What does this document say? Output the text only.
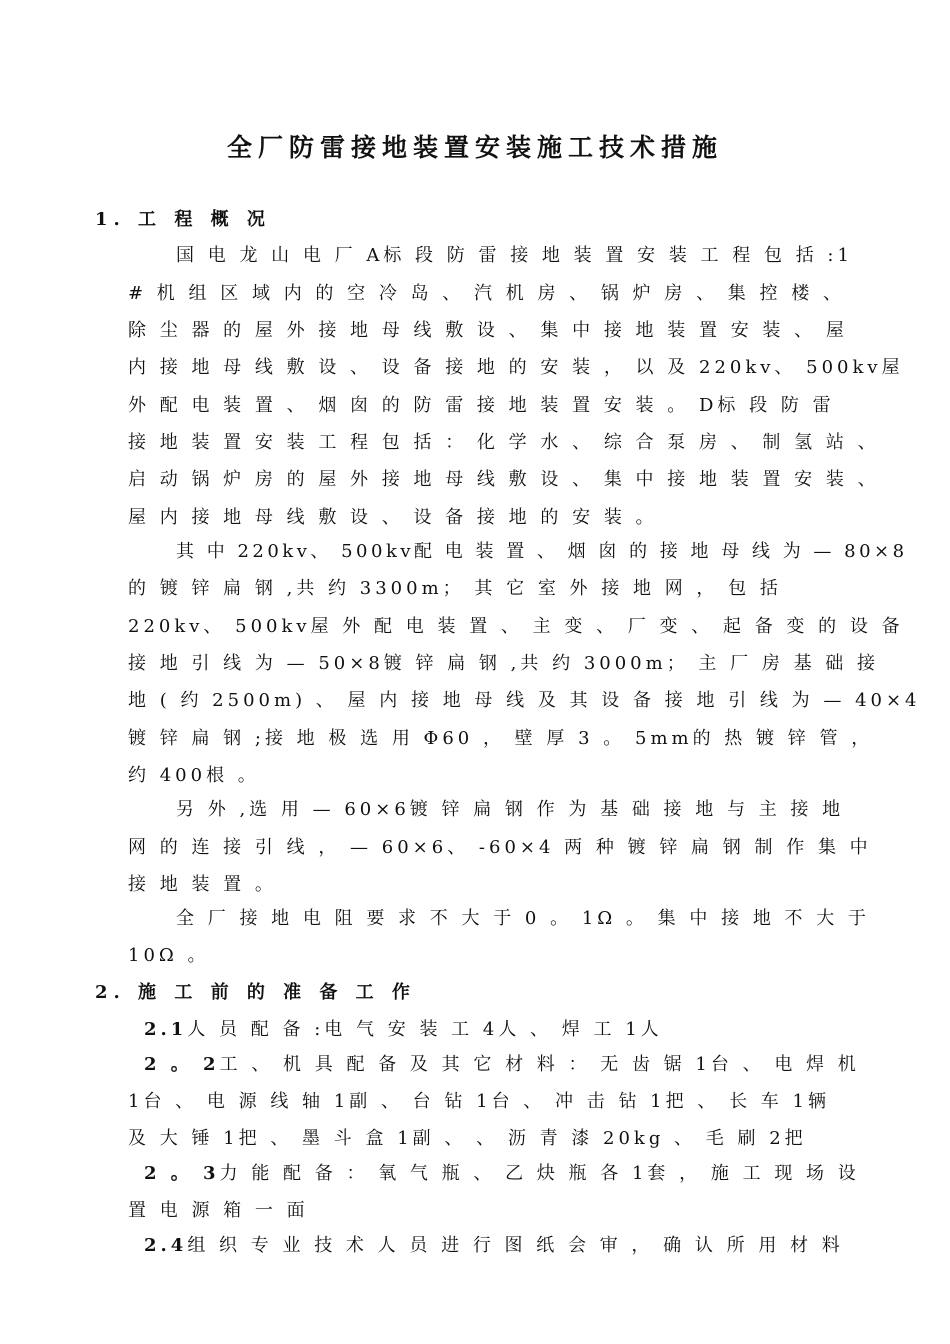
全厂防雷接地装置安装施工技术措施

1. 工 程 概 况

国 电 龙 山 电 厂 A标 段 防 雷 接 地 装 置 安 装 工 程 包 括 :1

# 机 组 区 域 内 的 空 冷 岛 、 汽 机 房 、 锅 炉 房 、 集 控 楼 、

除 尘 器 的 屋 外 接 地 母 线 敷 设 、 集 中 接 地 装 置 安 装 、 屋

内 接 地 母 线 敷 设 、 设 备 接 地 的 安 装 ， 以 及 220kv、 500kv屋

外 配 电 装 置 、 烟 囱 的 防 雷 接 地 装 置 安 装 。 D标 段 防 雷

接 地 装 置 安 装 工 程 包 括 ： 化 学 水 、 综 合 泵 房 、 制 氢 站 、

启 动 锅 炉 房 的 屋 外 接 地 母 线 敷 设 、 集 中 接 地 装 置 安 装 、

屋 内 接 地 母 线 敷 设 、 设 备 接 地 的 安 装 。

其 中 220kv、 500kv配 电 装 置 、 烟 囱 的 接 地 母 线 为 — 80×8

的 镀 锌 扁 钢 ,共 约 3300m； 其 它 室 外 接 地 网 ， 包 括

220kv、 500kv屋 外 配 电 装 置 、 主 变 、 厂 变 、 起 备 变 的 设 备

接 地 引 线 为 — 50×8镀 锌 扁 钢 ,共 约 3000m； 主 厂 房 基 础 接

地 ( 约 2500m) 、 屋 内 接 地 母 线 及 其 设 备 接 地 引 线 为 — 40×4

镀 锌 扁 钢 ;接 地 极 选 用 Φ60 ， 壁 厚 3 。 5mm的 热 镀 锌 管 ，

约 400根 。

另 外 ,选 用 — 60×6镀 锌 扁 钢 作 为 基 础 接 地 与 主 接 地

网 的 连 接 引 线 ， — 60×6、 -60×4 两 种 镀 锌 扁 钢 制 作 集 中

接 地 装 置 。

全 厂 接 地 电 阻 要 求 不 大 于 0 。 1Ω 。 集 中 接 地 不 大 于

10Ω 。

2. 施 工 前 的 准 备 工 作

2.1人 员 配 备 :电 气 安 装 工 4人 、 焊 工 1人

2 。 2工 、 机 具 配 备 及 其 它 材 料 ： 无 齿 锯 1台 、 电 焊 机

1台 、 电 源 线 轴 1副 、 台 钻 1台 、 冲 击 钻 1把 、 长 车 1辆

及 大 锤 1把 、 墨 斗 盒 1副 、 、 沥 青 漆 20kg 、 毛 刷 2把

2 。 3力 能 配 备 ： 氧 气 瓶 、 乙 炔 瓶 各 1套 ， 施 工 现 场 设

置 电 源 箱 一 面

2.4组 织 专 业 技 术 人 员 进 行 图 纸 会 审 ， 确 认 所 用 材 料
